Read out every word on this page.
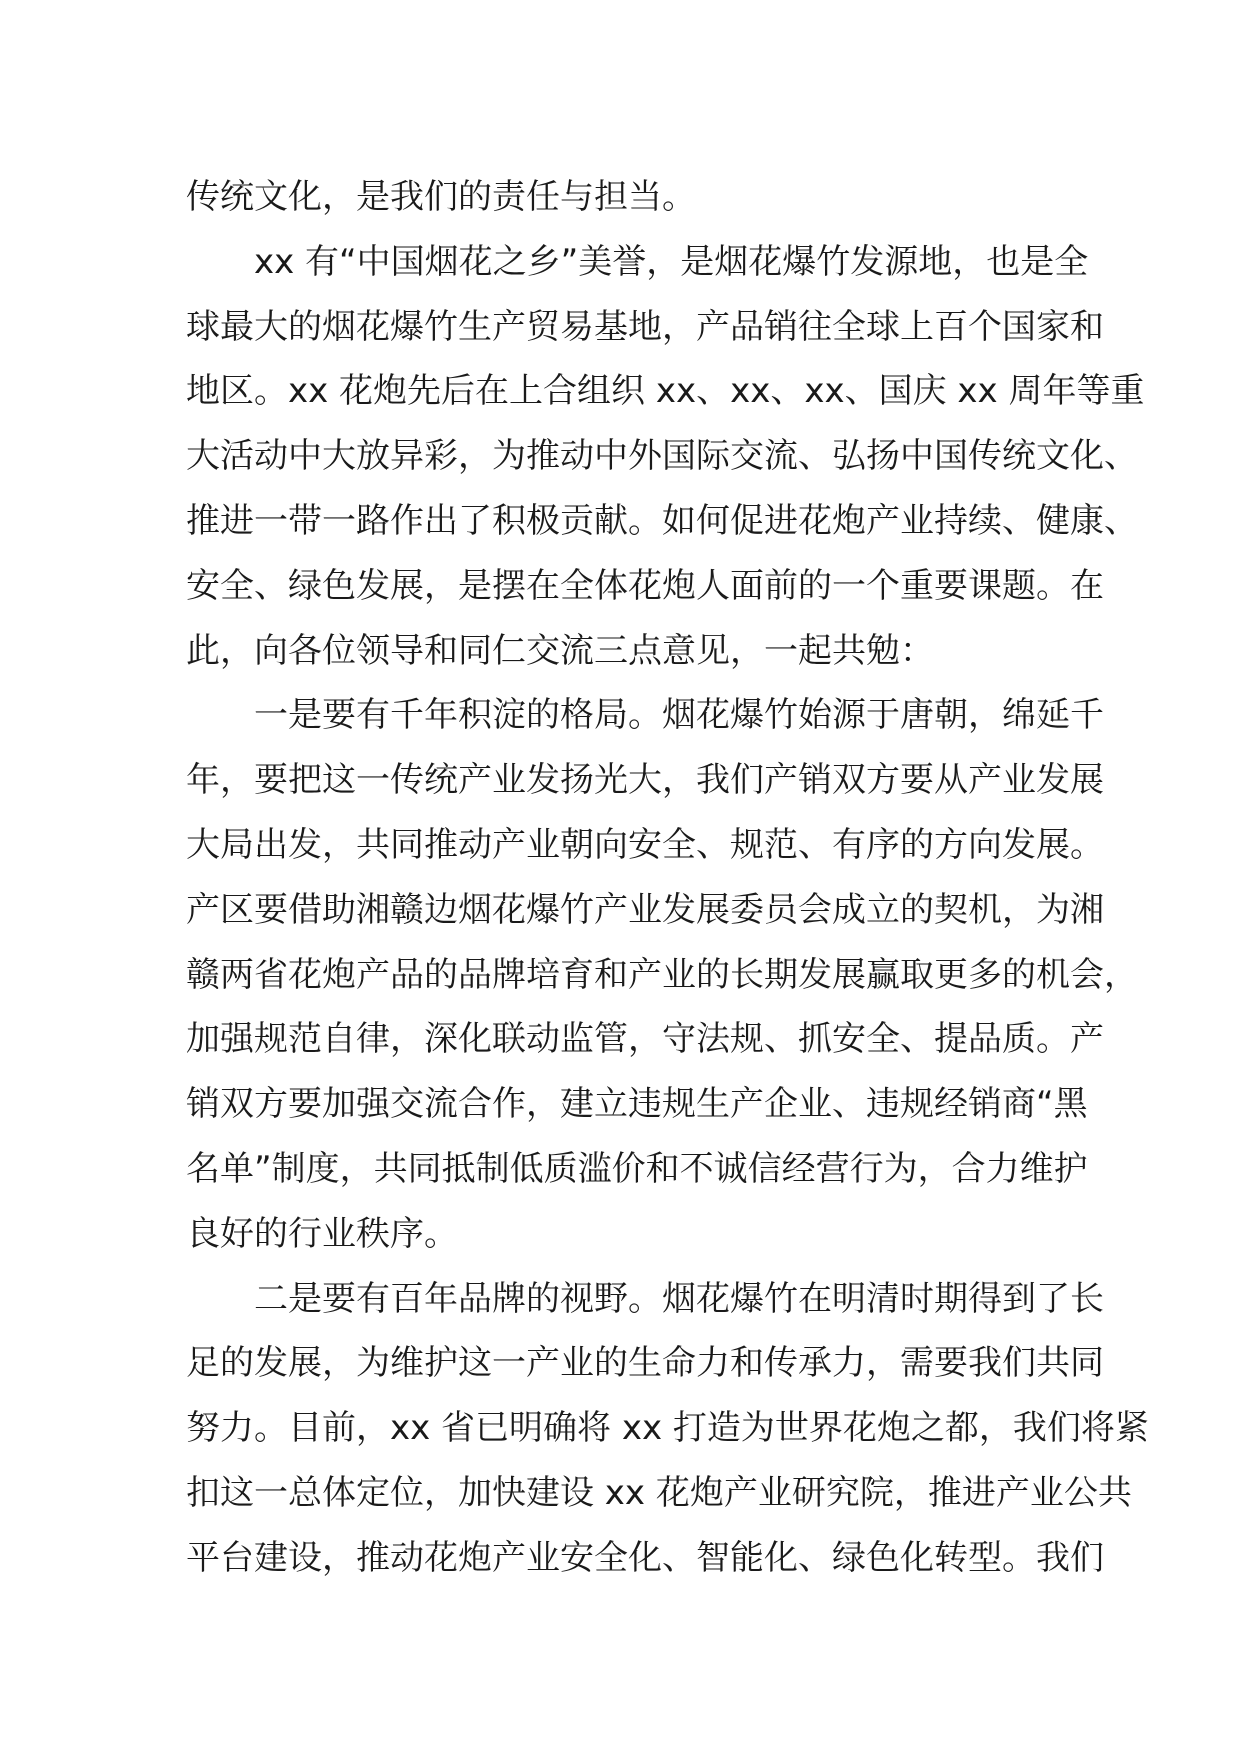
传统文化，是我们的责任与担当。
xx 有“中国烟花之乡”美誉，是烟花爆竹发源地，也是全
球最大的烟花爆竹生产贸易基地，产品销往全球上百个国家和
地区。xx 花炮先后在上合组织 xx、xx、xx、国庆 xx 周年等重
大活动中大放异彩，为推动中外国际交流、弘扬中国传统文化、
推进一带一路作出了积极贡献。如何促进花炮产业持续、健康、
安全、绿色发展，是摆在全体花炮人面前的一个重要课题。在
此，向各位领导和同仁交流三点意见，一起共勉：
一是要有千年积淀的格局。烟花爆竹始源于唐朝，绵延千
年，要把这一传统产业发扬光大，我们产销双方要从产业发展
大局出发，共同推动产业朝向安全、规范、有序的方向发展。
产区要借助湘赣边烟花爆竹产业发展委员会成立的契机，为湘
赣两省花炮产品的品牌培育和产业的长期发展赢取更多的机会，
加强规范自律，深化联动监管，守法规、抓安全、提品质。产
销双方要加强交流合作，建立违规生产企业、违规经销商“黑
名单”制度，共同抵制低质滥价和不诚信经营行为，合力维护
良好的行业秩序。
二是要有百年品牌的视野。烟花爆竹在明清时期得到了长
足的发展，为维护这一产业的生命力和传承力，需要我们共同
努力。目前，xx 省已明确将 xx 打造为世界花炮之都，我们将紧
扣这一总体定位，加快建设 xx 花炮产业研究院，推进产业公共
平台建设，推动花炮产业安全化、智能化、绿色化转型。我们
